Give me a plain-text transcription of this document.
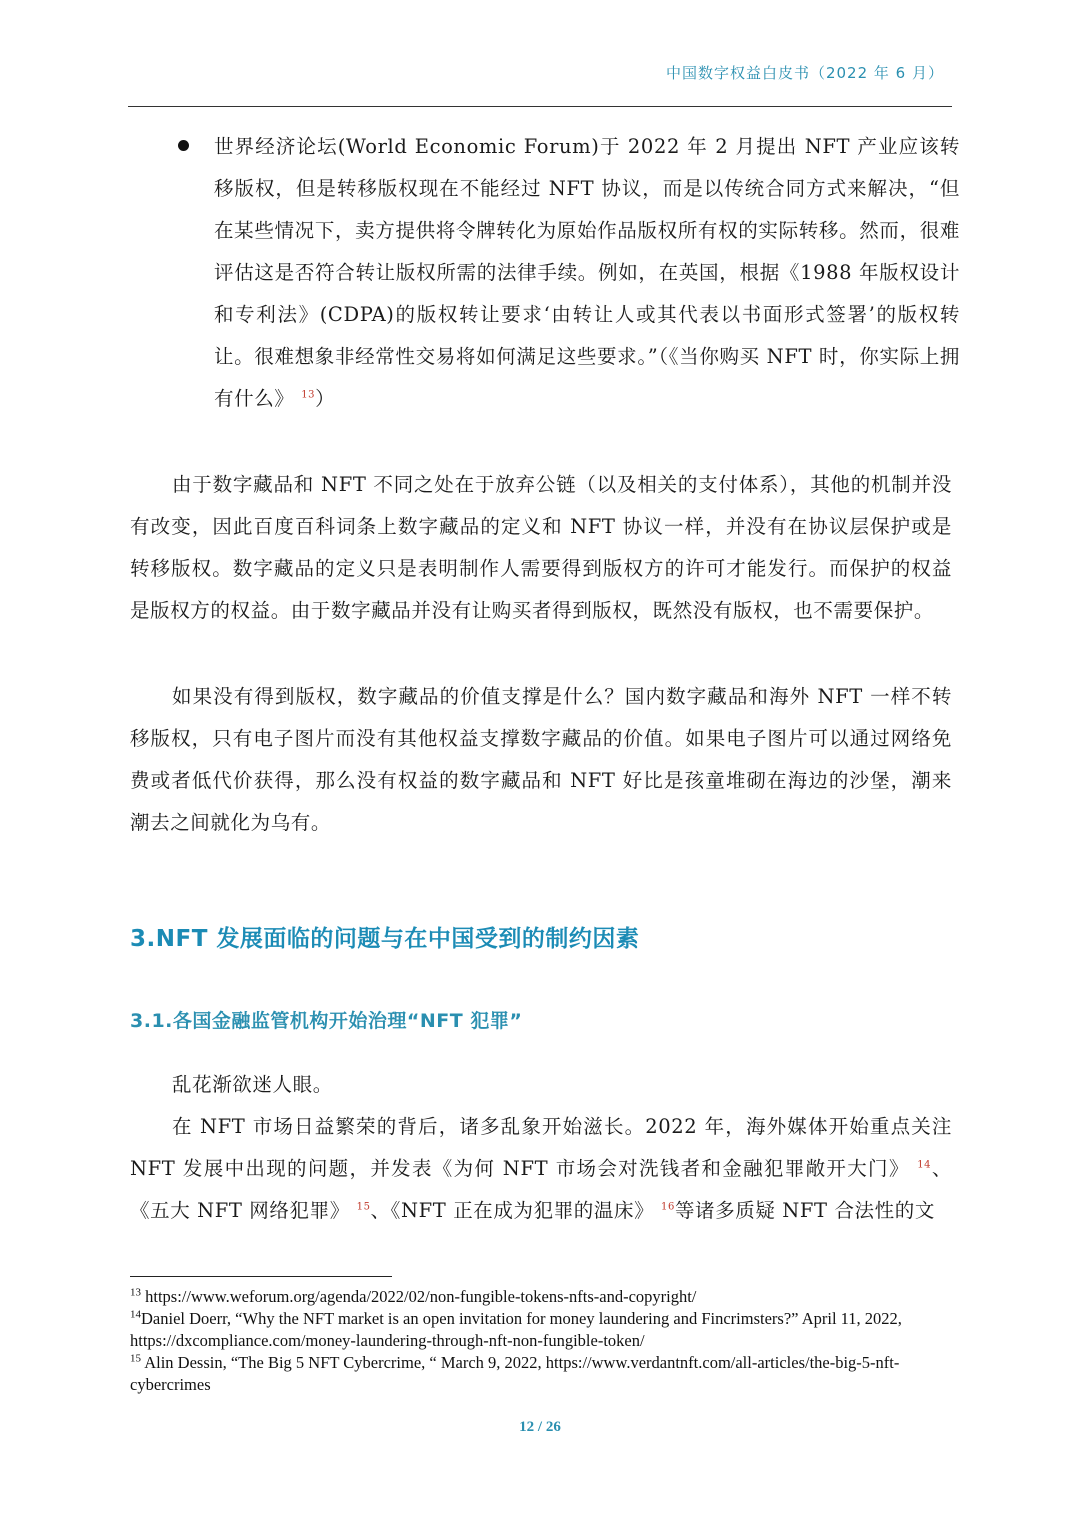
中国数字权益白皮书（2022 年 6 月）
世界经济论坛(World Economic Forum)于 2022 年 2 月提出 NFT 产业应该转移版权，但是转移版权现在不能经过 NFT 协议，而是以传统合同方式来解决，“但在某些情况下，卖方提供将令牌转化为原始作品版权所有权的实际转移。然而，很难评估这是否符合转让版权所需的法律手续。例如，在英国，根据《1988 年版权设计和专利法》(CDPA)的版权转让要求‘由转让人或其代表以书面形式签署’的版权转让。很难想象非经常性交易将如何满足这些要求。”（《当你购买 NFT 时，你实际上拥有什么》 $^{13}$）

由于数字藏品和 NFT 不同之处在于放弃公链（以及相关的支付体系），其他的机制并没有改变，因此百度百科词条上数字藏品的定义和 NFT 协议一样，并没有在协议层保护或是转移版权。数字藏品的定义只是表明制作人需要得到版权方的许可才能发行。而保护的权益是版权方的权益。由于数字藏品并没有让购买者得到版权，既然没有版权，也不需要保护。

如果没有得到版权，数字藏品的价值支撑是什么？国内数字藏品和海外 NFT 一样不转移版权，只有电子图片而没有其他权益支撑数字藏品的价值。如果电子图片可以通过网络免费或者低代价获得，那么没有权益的数字藏品和 NFT 好比是孩童堆砌在海边的沙堡，潮来潮去之间就化为乌有。

3.NFT 发展面临的问题与在中国受到的制约因素
3.1.各国金融监管机构开始治理“NFT 犯罪”

乱花渐欲迷人眼。

在 NFT 市场日益繁荣的背后，诸多乱象开始滋长。2022 年，海外媒体开始重点关注 NFT 发展中出现的问题，并发表《为何 NFT 市场会对洗钱者和金融犯罪敞开大门》 $^{14}$、《五大 NFT 网络犯罪》 $^{15}$、《NFT 正在成为犯罪的温床》 $^{16}$等诸多质疑 NFT 合法性的文

$^{13}$ https://www.weforum.org/agenda/2022/02/non-fungible-tokens-nfts-and-copyright/

$^{14}$Daniel Doerr, “Why the NFT market is an open invitation for money laundering and Fincrimsters?” April 11, 2022, https://dxcompliance.com/money-laundering-through-nft-non-fungible-token/

$^{15}$ Alin Dessin, “The Big 5 NFT Cybercrime, “ March 9, 2022, https://www.verdantnft.com/all-articles/the-big-5-nft-cybercrimes

12 / 26
